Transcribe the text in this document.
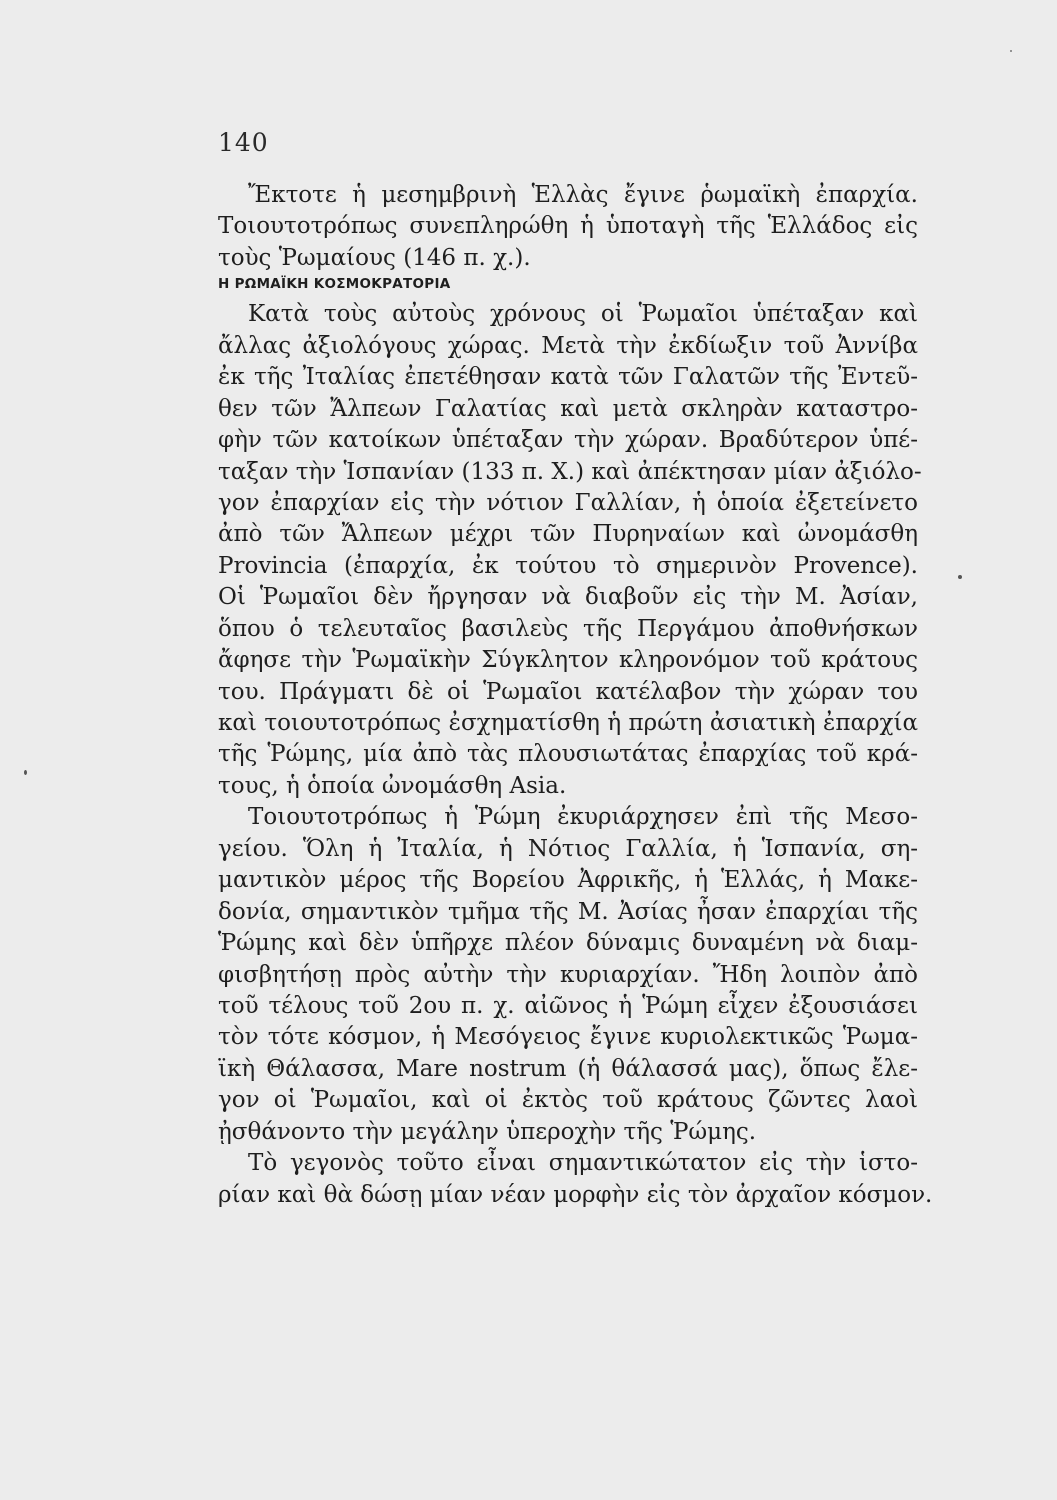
140
Ἔκτοτε ἡ μεσημβρινὴ Ἑλλὰς ἔγινε ῥωμαϊκὴ ἐπαρχία.
Τοιουτοτρόπως συνεπληρώθη ἡ ὑποταγὴ τῆς Ἑλλάδος εἰς
τοὺς Ῥωμαίους (146 π. χ.).
Η ΡΩΜΑΪΚΗ ΚΟΣΜΟΚΡΑΤΟΡΙΑ
Κατὰ τοὺς αὐτοὺς χρόνους οἱ Ῥωμαῖοι ὑπέταξαν καὶ
ἄλλας ἀξιολόγους χώρας. Μετὰ τὴν ἐκδίωξιν τοῦ Ἀννίβα
ἐκ τῆς Ἰταλίας ἐπετέθησαν κατὰ τῶν Γαλατῶν τῆς Ἐντεῦ-
θεν τῶν Ἄλπεων Γαλατίας καὶ μετὰ σκληρὰν καταστρο-
φὴν τῶν κατοίκων ὑπέταξαν τὴν χώραν. Βραδύτερον ὑπέ-
ταξαν τὴν Ἱσπανίαν (133 π. Χ.) καὶ ἀπέκτησαν μίαν ἀξιόλο-
γον ἐπαρχίαν εἰς τὴν νότιον Γαλλίαν, ἡ ὁποία ἐξετείνετο
ἀπὸ τῶν Ἄλπεων μέχρι τῶν Πυρηναίων καὶ ὠνομάσθη
Provincia (ἐπαρχία, ἐκ τούτου τὸ σημερινὸν Provence).
Οἱ Ῥωμαῖοι δὲν ἤργησαν νὰ διαβοῦν εἰς τὴν Μ. Ἀσίαν,
ὅπου ὁ τελευταῖος βασιλεὺς τῆς Περγάμου ἀποθνήσκων
ἄφησε τὴν Ῥωμαϊκὴν Σύγκλητον κληρονόμον τοῦ κράτους
του. Πράγματι δὲ οἱ Ῥωμαῖοι κατέλαβον τὴν χώραν του
καὶ τοιουτοτρόπως ἐσχηματίσθη ἡ πρώτη ἀσιατικὴ ἐπαρχία
τῆς Ῥώμης, μία ἀπὸ τὰς πλουσιωτάτας ἐπαρχίας τοῦ κρά-
τους, ἡ ὁποία ὠνομάσθη Asia.
Τοιουτοτρόπως ἡ Ῥώμη ἐκυριάρχησεν ἐπὶ τῆς Μεσο-
γείου. Ὅλη ἡ Ἰταλία, ἡ Νότιος Γαλλία, ἡ Ἱσπανία, ση-
μαντικὸν μέρος τῆς Βορείου Ἀφρικῆς, ἡ Ἑλλάς, ἡ Μακε-
δονία, σημαντικὸν τμῆμα τῆς Μ. Ἀσίας ἦσαν ἐπαρχίαι τῆς
Ῥώμης καὶ δὲν ὑπῆρχε πλέον δύναμις δυναμένη νὰ διαμ-
φισβητήσῃ πρὸς αὐτὴν τὴν κυριαρχίαν. Ἤδη λοιπὸν ἀπὸ
τοῦ τέλους τοῦ 2ου π. χ. αἰῶνος ἡ Ῥώμη εἶχεν ἐξουσιάσει
τὸν τότε κόσμον, ἡ Μεσόγειος ἔγινε κυριολεκτικῶς Ῥωμα-
ϊκὴ Θάλασσα, Mare nostrum (ἡ θάλασσά μας), ὅπως ἔλε-
γον οἱ Ῥωμαῖοι, καὶ οἱ ἐκτὸς τοῦ κράτους ζῶντες λαοὶ
ᾐσθάνοντο τὴν μεγάλην ὑπεροχὴν τῆς Ῥώμης.
Τὸ γεγονὸς τοῦτο εἶναι σημαντικώτατον εἰς τὴν ἱστο-
ρίαν καὶ θὰ δώσῃ μίαν νέαν μορφὴν εἰς τὸν ἀρχαῖον κόσμον.
